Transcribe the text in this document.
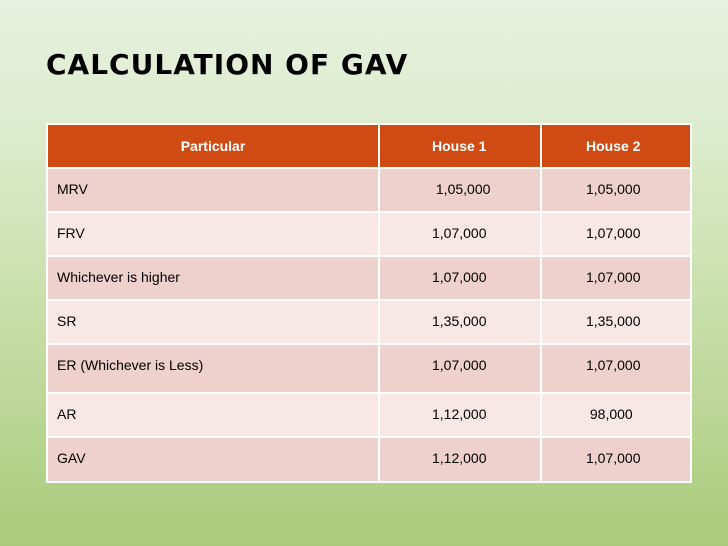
CALCULATION OF GAV
Particular	House 1	House 2
MRV	1,05,000	1,05,000
FRV	1,07,000	1,07,000
Whichever is higher	1,07,000	1,07,000
SR	1,35,000	1,35,000
ER (Whichever is Less)	1,07,000	1,07,000
AR	1,12,000	98,000
GAV	1,12,000	1,07,000
